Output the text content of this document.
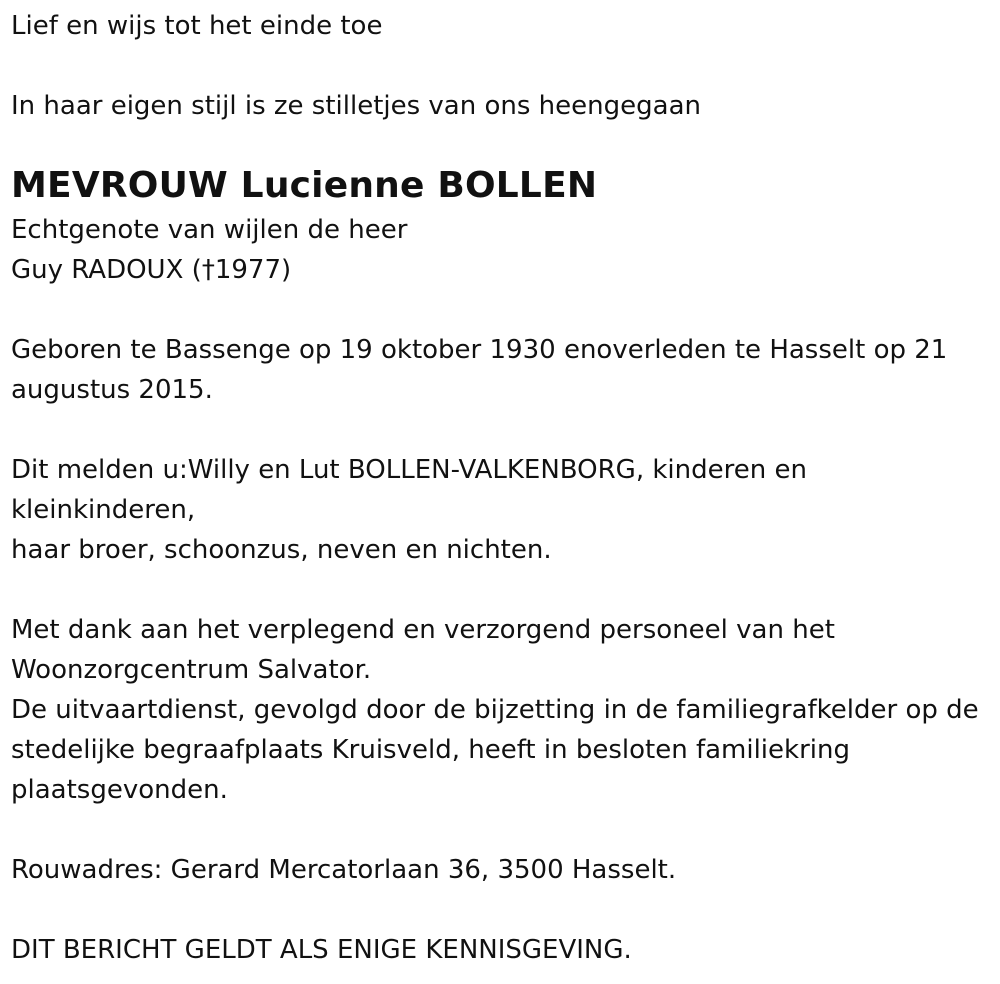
Lief en wijs tot het einde toe
In haar eigen stijl is ze stilletjes van ons heengegaan
MEVROUW Lucienne BOLLEN
Echtgenote van wijlen de heer
Guy RADOUX (†1977)
Geboren te Bassenge op 19 oktober 1930 enoverleden te Hasselt op 21 augustus 2015.
Dit melden u:Willy en Lut BOLLEN-VALKENBORG, kinderen en kleinkinderen,
haar broer, schoonzus, neven en nichten.
Met dank aan het verplegend en verzorgend personeel van het Woonzorgcentrum Salvator.
De uitvaartdienst, gevolgd door de bijzetting in de familiegrafkelder op de stedelijke begraafplaats Kruisveld, heeft in besloten familiekring plaatsgevonden.
Rouwadres: Gerard Mercatorlaan 36, 3500 Hasselt.
DIT BERICHT GELDT ALS ENIGE KENNISGEVING.
